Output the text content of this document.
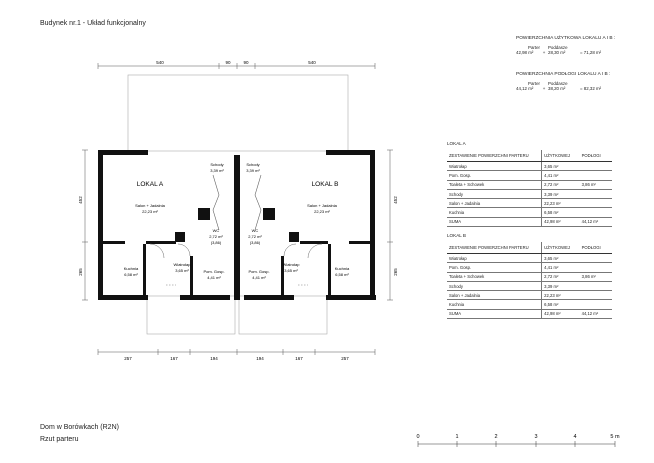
Budynek nr.1 - Układ funkcjonalny
540	90	90	540
257	167	194	194	167	257
452
265
452
265
LOKAL A	LOKAL B
Salon + Jadalnia
22,23 m²
Salon + Jadalnia
22,23 m²
Schody
3,39 m²
Schody
3,39 m²
WC
2,72 m²
(3,86)
WC
2,72 m²
(3,86)
Kuchnia
6,58 m²
Kuchnia
6,58 m²
Wiatrołap
3,65 m²
Wiatrołap
3,65 m²
Pom. Gosp.
4,41 m²
Pom. Gosp.
4,41 m²
0	1	2	3	4	5 m
POWIERZCHNIA UŻYTKOWA LOKALU A I B :
Parter Poddasze
42,98 m²	+ 28,30 m²	= 71,28 m²
POWIERZCHNIA PODŁOGI LOKALU A I B :
Parter Poddasze
44,12 m²	+ 38,20 m²	= 82,32 m²
LOKAL A
ZESTAWIENIE POWIERZCHNI PARTERU	UŻYTKOWEJ	PODŁOGI
Wiatrołap	3,65 m²	
Pom. Gosp.	4,41 m²	
Toaleta + Schowek	2,72 m²	3,86 m²
Schody	3,39 m²	
Salon + Jadalnia	22,23 m²	
Kuchnia	6,58 m²	
SUMA	42,98 m²	44,12 m²
LOKAL B
ZESTAWIENIE POWIERZCHNI PARTERU	UŻYTKOWEJ	PODŁOGI
Wiatrołap	3,65 m²	
Pom. Gosp.	4,41 m²	
Toaleta + Schowek	2,72 m²	3,86 m²
Schody	3,39 m²	
Salon + Jadalnia	22,23 m²	
Kuchnia	6,58 m²	
SUMA	42,98 m²	44,12 m²
Dom w Borówkach (R2N)
Rzut parteru
